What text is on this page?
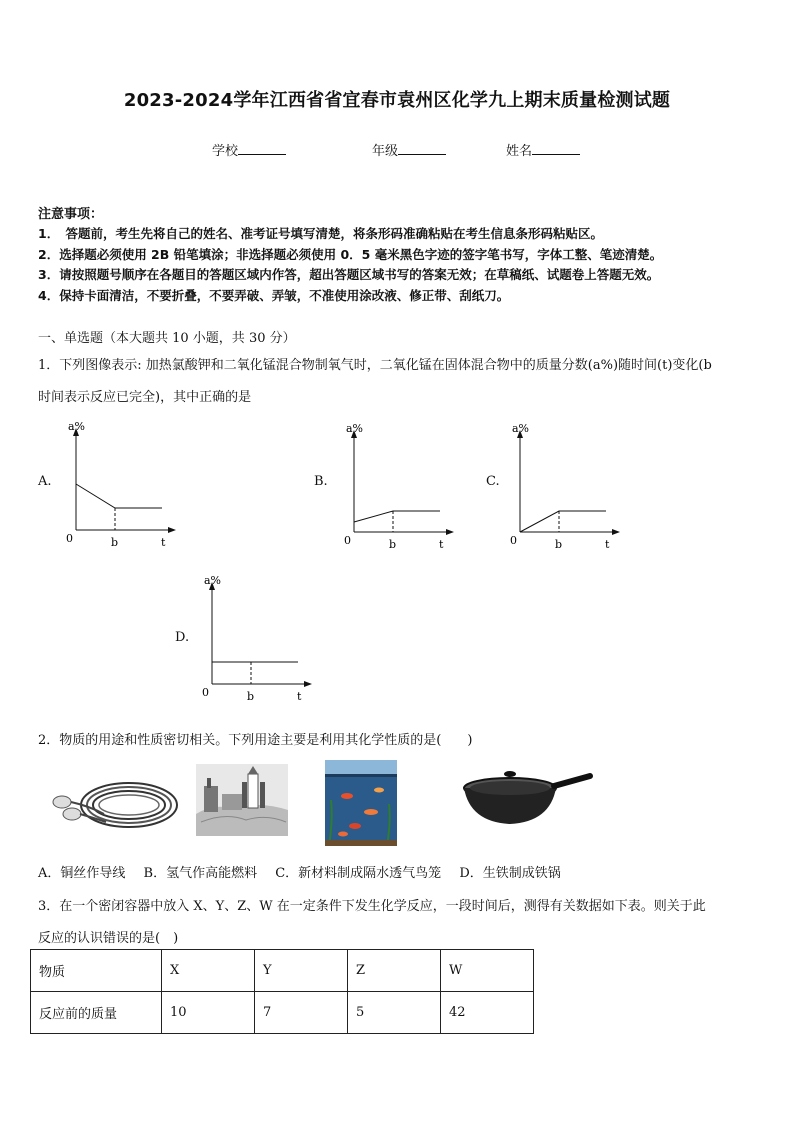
2023-2024学年江西省省宜春市袁州区化学九上期末质量检测试题
学校	年级	姓名
注意事项：
1．　答题前，考生先将自己的姓名、准考证号填写清楚，将条形码准确粘贴在考生信息条形码粘贴区。
2．选择题必须使用 2B 铅笔填涂；非选择题必须使用 0．5 毫米黑色字迹的签字笔书写，字体工整、笔迹清楚。
3．请按照题号顺序在各题目的答题区域内作答，超出答题区域书写的答案无效；在草稿纸、试题卷上答题无效。
4．保持卡面清洁，不要折叠，不要弄破、弄皱，不准使用涂改液、修正带、刮纸刀。
一、单选题（本大题共 10 小题，共 30 分）
1．下列图像表示: 加热氯酸钾和二氧化锰混合物制氧气时，二氧化锰在固体混合物中的质量分数(a%)随时间(t)变化(b
时间表示反应已完全)，其中正确的是
A.
a%
0	b	t
B.
a%
0	b	t
C.
a%
0	b	t
D.
a%
0	b	t
2．物质的用途和性质密切相关。下列用途主要是利用其化学性质的是(　　)
A．铜丝作导线 B．氢气作高能燃料 C．新材料制成隔水透气鸟笼 D．生铁制成铁锅
3．在一个密闭容器中放入 X、Y、Z、W 在一定条件下发生化学反应，一段时间后，测得有关数据如下表。则关于此
反应的认识错误的是(　)
物质	X	Y	Z	W
反应前的质量	10	7	5	42
